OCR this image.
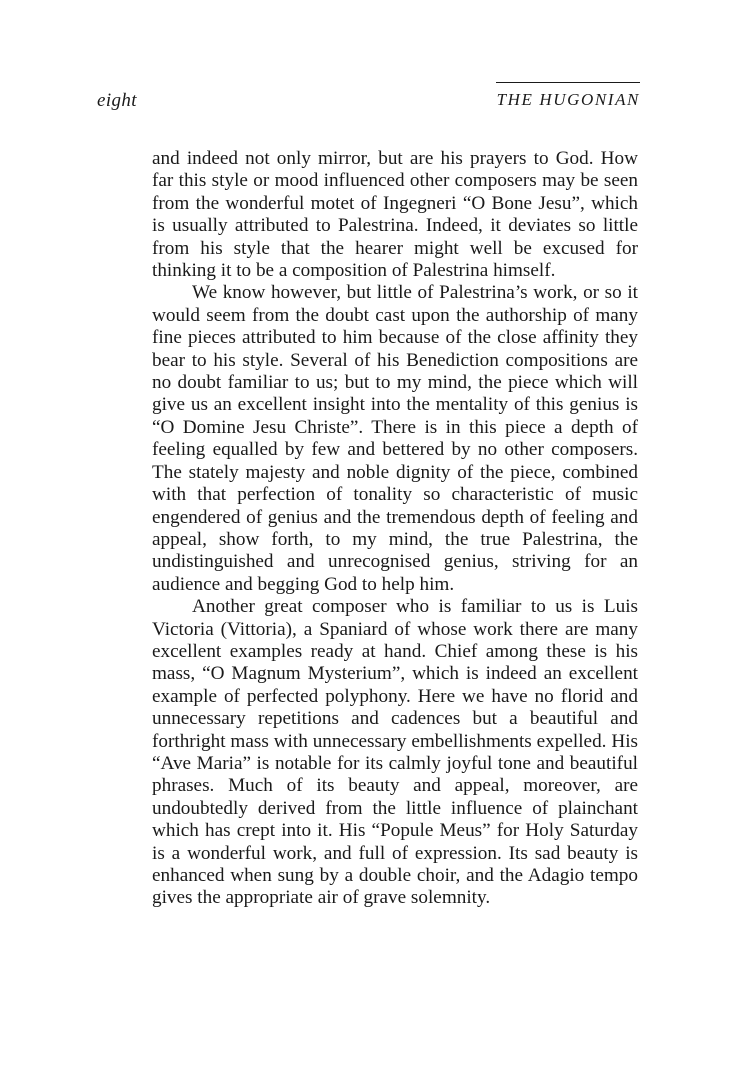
eight	THE HUGONIAN

and indeed not only mirror, but are his prayers to God. How far this style or mood influenced other composers may be seen from the wonderful motet of Ingegneri “O Bone Jesu”, which is usually attributed to Palestrina. Indeed, it deviates so little from his style that the hearer might well be excused for thinking it to be a composition of Palestrina himself.

We know however, but little of Palestrina’s work, or so it would seem from the doubt cast upon the authorship of many fine pieces attributed to him because of the close affinity they bear to his style. Several of his Benediction compositions are no doubt familiar to us; but to my mind, the piece which will give us an excellent insight into the mentality of this genius is “O Domine Jesu Christe”. There is in this piece a depth of feeling equalled by few and bettered by no other composers. The stately majesty and noble dignity of the piece, combined with that perfection of tonality so characteristic of music engendered of genius and the tremendous depth of feeling and appeal, show forth, to my mind, the true Palestrina, the undistinguished and unrecognised genius, striving for an audience and begging God to help him.

Another great composer who is familiar to us is Luis Victoria (Vittoria), a Spaniard of whose work there are many excellent examples ready at hand. Chief among these is his mass, “O Magnum Mysterium”, which is indeed an excellent example of perfected polyphony. Here we have no florid and unnecessary repetitions and cadences but a beautiful and forthright mass with unnecessary embellishments expelled. His “Ave Maria” is notable for its calmly joyful tone and beautiful phrases. Much of its beauty and appeal, moreover, are undoubtedly derived from the little influence of plainchant which has crept into it. His “Popule Meus” for Holy Saturday is a wonderful work, and full of expression. Its sad beauty is enhanced when sung by a double choir, and the Adagio tempo gives the appropriate air of grave solemnity.
